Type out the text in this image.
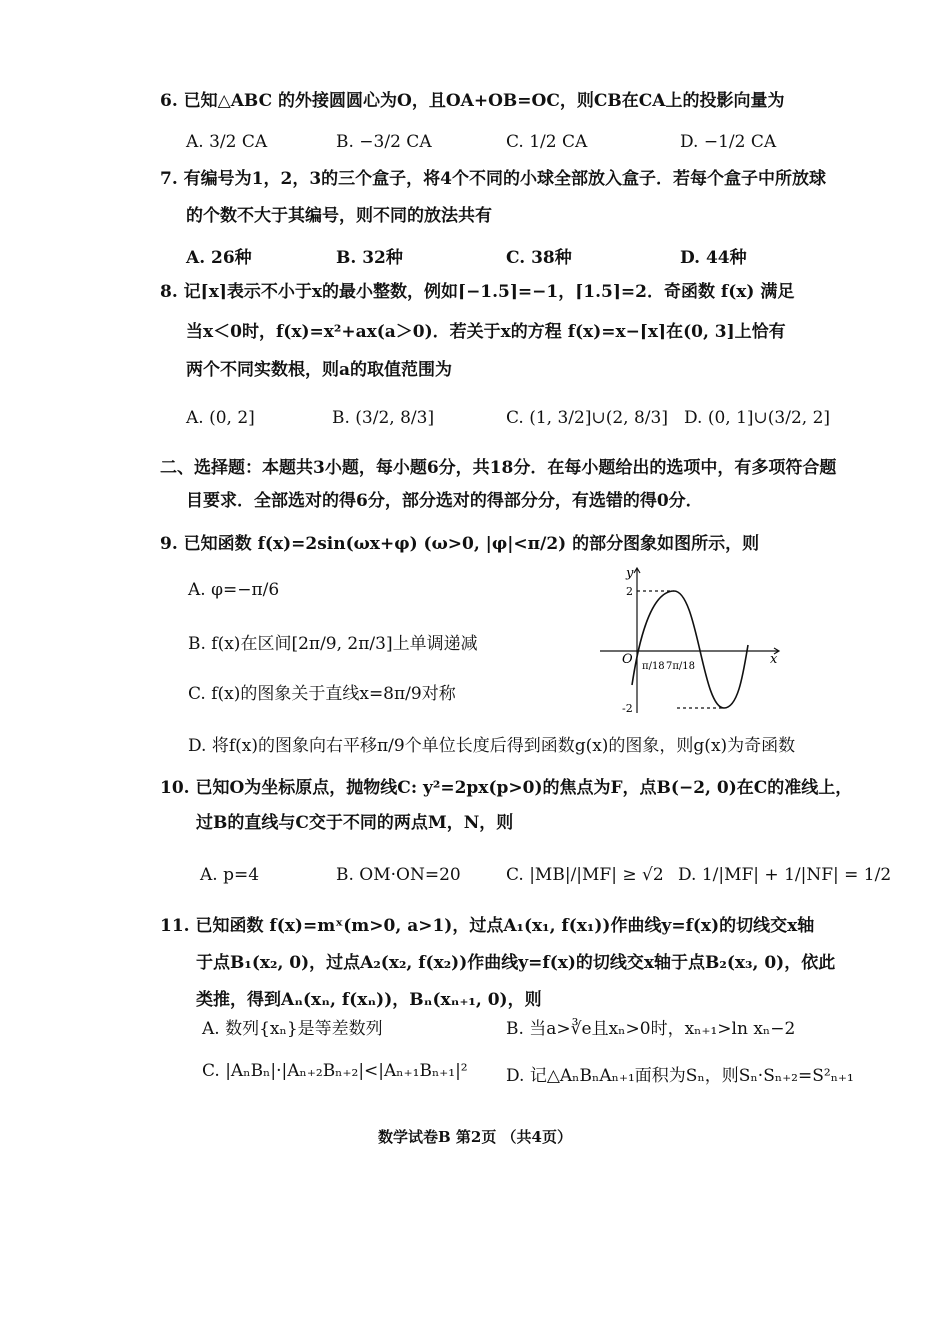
6. 已知△ABC 的外接圆圆心为O，且OA+OB=OC，则CB在CA上的投影向量为
A. 3/2 CA	B. −3/2 CA	C. 1/2 CA	D. −1/2 CA
7. 有编号为1，2，3的三个盒子，将4个不同的小球全部放入盒子．若每个盒子中所放球
的个数不大于其编号，则不同的放法共有
A. 26种	B. 32种	C. 38种	D. 44种
8. 记⌈x⌉表示不小于x的最小整数，例如⌈−1.5⌉=−1，⌈1.5⌉=2．奇函数 f(x) 满足
当x＜0时，f(x)=x²+ax(a＞0)．若关于x的方程 f(x)=x−⌈x⌉在(0, 3]上恰有
两个不同实数根，则a的取值范围为
A. (0, 2]	B. (3/2, 8/3]	C. (1, 3/2]∪(2, 8/3] D. (0, 1]∪(3/2, 2]
二、选择题：本题共3小题，每小题6分，共18分．在每小题给出的选项中，有多项符合题
目要求．全部选对的得6分，部分选对的得部分分，有选错的得0分．
9. 已知函数 f(x)=2sin(ωx+φ) (ω>0, |φ|<π/2) 的部分图象如图所示，则
A. φ=−π/6
B. f(x)在区间[2π/9, 2π/3]上单调递减
C. f(x)的图象关于直线x=8π/9对称
D. 将f(x)的图象向右平移π/9个单位长度后得到函数g(x)的图象，则g(x)为奇函数
y
x
O
2
-2
π/18 7π/18
10. 已知O为坐标原点，抛物线C: y²=2px(p>0)的焦点为F，点B(−2, 0)在C的准线上，
过B的直线与C交于不同的两点M，N，则
A. p=4	B. OM·ON=20	C. |MB|/|MF| ≥ √2 D. 1/|MF| + 1/|NF| = 1/2
11. 已知函数 f(x)=mˣ(m>0, a>1)，过点A₁(x₁, f(x₁))作曲线y=f(x)的切线交x轴
于点B₁(x₂, 0)，过点A₂(x₂, f(x₂))作曲线y=f(x)的切线交x轴于点B₂(x₃, 0)，依此
类推，得到Aₙ(xₙ, f(xₙ))，Bₙ(xₙ₊₁, 0)，则
A. 数列{xₙ}是等差数列	B. 当a>∛e且xₙ>0时，xₙ₊₁>ln xₙ−2
C. |AₙBₙ|·|Aₙ₊₂Bₙ₊₂|<|Aₙ₊₁Bₙ₊₁|² D. 记△AₙBₙAₙ₊₁面积为Sₙ，则Sₙ·Sₙ₊₂=S²ₙ₊₁
数学试卷B 第2页 （共4页）
